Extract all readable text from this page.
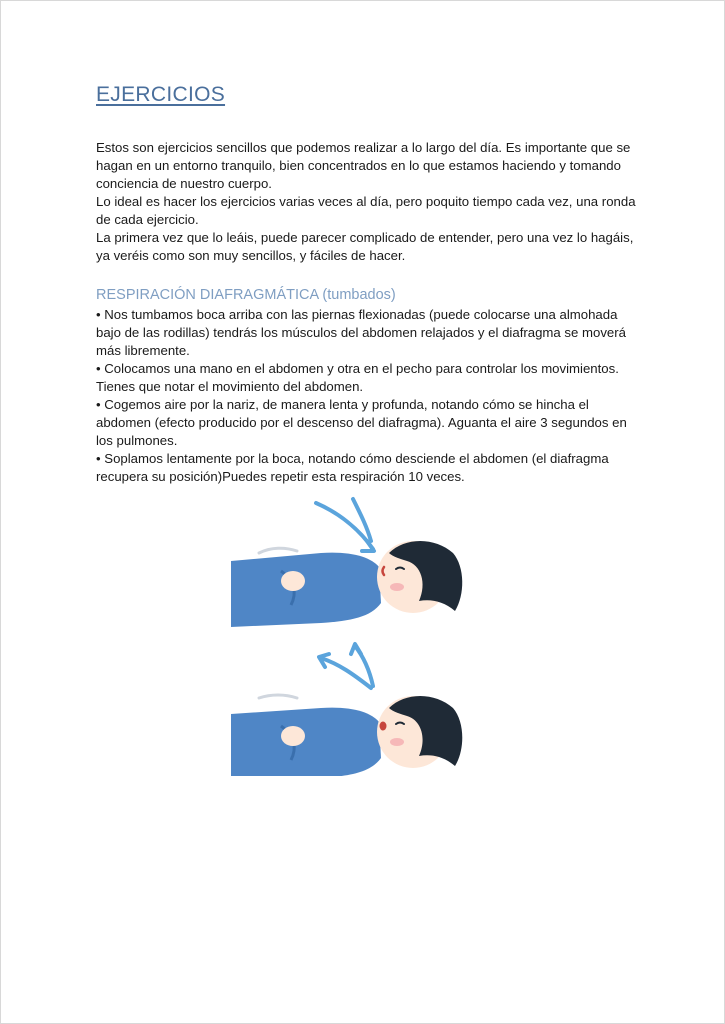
EJERCICIOS

Estos son ejercicios sencillos que podemos realizar a lo largo del día. Es importante que se hagan en un entorno tranquilo, bien concentrados en lo que estamos haciendo y tomando conciencia de nuestro cuerpo.

Lo ideal es hacer los ejercicios varias veces al día, pero poquito tiempo cada vez, una ronda de cada ejercicio.

La primera vez que lo leáis, puede parecer complicado de entender, pero una vez lo hagáis, ya veréis como son muy sencillos, y fáciles de hacer.

RESPIRACIÓN DIAFRAGMÁTICA (tumbados)

• Nos tumbamos boca arriba con las piernas flexionadas (puede colocarse una almohada bajo de las rodillas) tendrás los músculos del abdomen relajados y el diafragma se moverá más libremente.

• Colocamos una mano en el abdomen y otra en el pecho para controlar los movimientos. Tienes que notar el movimiento del abdomen.

• Cogemos aire por la nariz, de manera lenta y profunda, notando cómo se hincha el abdomen (efecto producido por el descenso del diafragma). Aguanta el aire 3 segundos en los pulmones.

• Soplamos lentamente por la boca, notando cómo desciende el abdomen (el diafragma recupera su posición)Puedes repetir esta respiración 10 veces.
